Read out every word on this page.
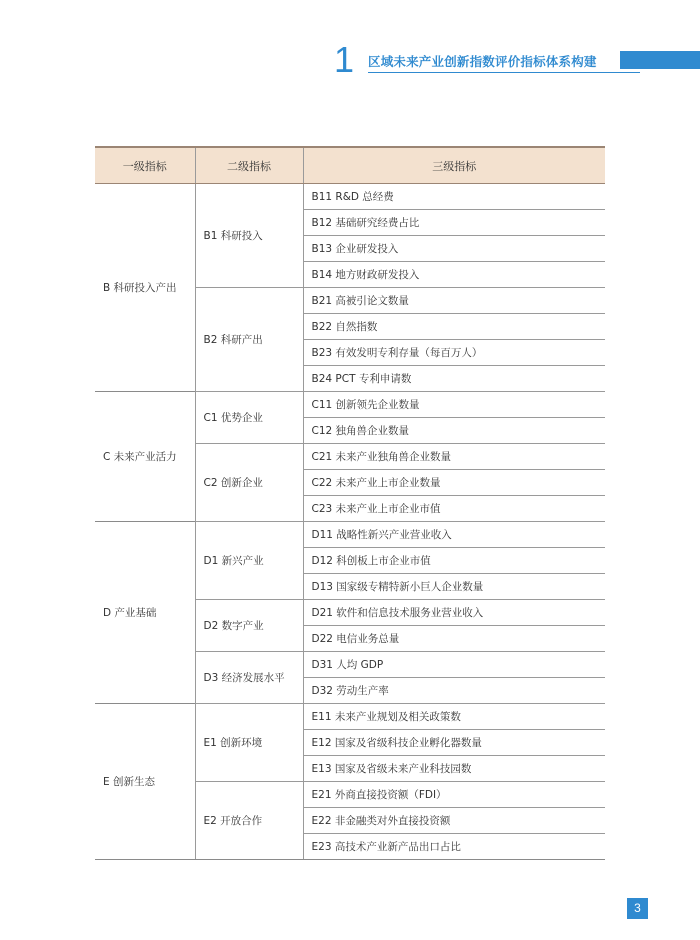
1 区域未来产业创新指数评价指标体系构建
一级指标	二级指标	三级指标
B 科研投入产出	B1 科研投入	B11 R&D 总经费
		B12 基础研究经费占比
		B13 企业研发投入
		B14 地方财政研发投入
	B2 科研产出	B21 高被引论文数量
		B22 自然指数
		B23 有效发明专利存量（每百万人）
		B24 PCT 专利申请数
C 未来产业活力	C1 优势企业	C11 创新领先企业数量
		C12 独角兽企业数量
	C2 创新企业	C21 未来产业独角兽企业数量
		C22 未来产业上市企业数量
		C23 未来产业上市企业市值
D 产业基础	D1 新兴产业	D11 战略性新兴产业营业收入
		D12 科创板上市企业市值
		D13 国家级专精特新小巨人企业数量
	D2 数字产业	D21 软件和信息技术服务业营业收入
		D22 电信业务总量
	D3 经济发展水平	D31 人均 GDP
		D32 劳动生产率
E 创新生态	E1 创新环境	E11 未来产业规划及相关政策数
		E12 国家及省级科技企业孵化器数量
		E13 国家及省级未来产业科技园数
	E2 开放合作	E21 外商直接投资额（FDI）
		E22 非金融类对外直接投资额
		E23 高技术产业新产品出口占比
3
